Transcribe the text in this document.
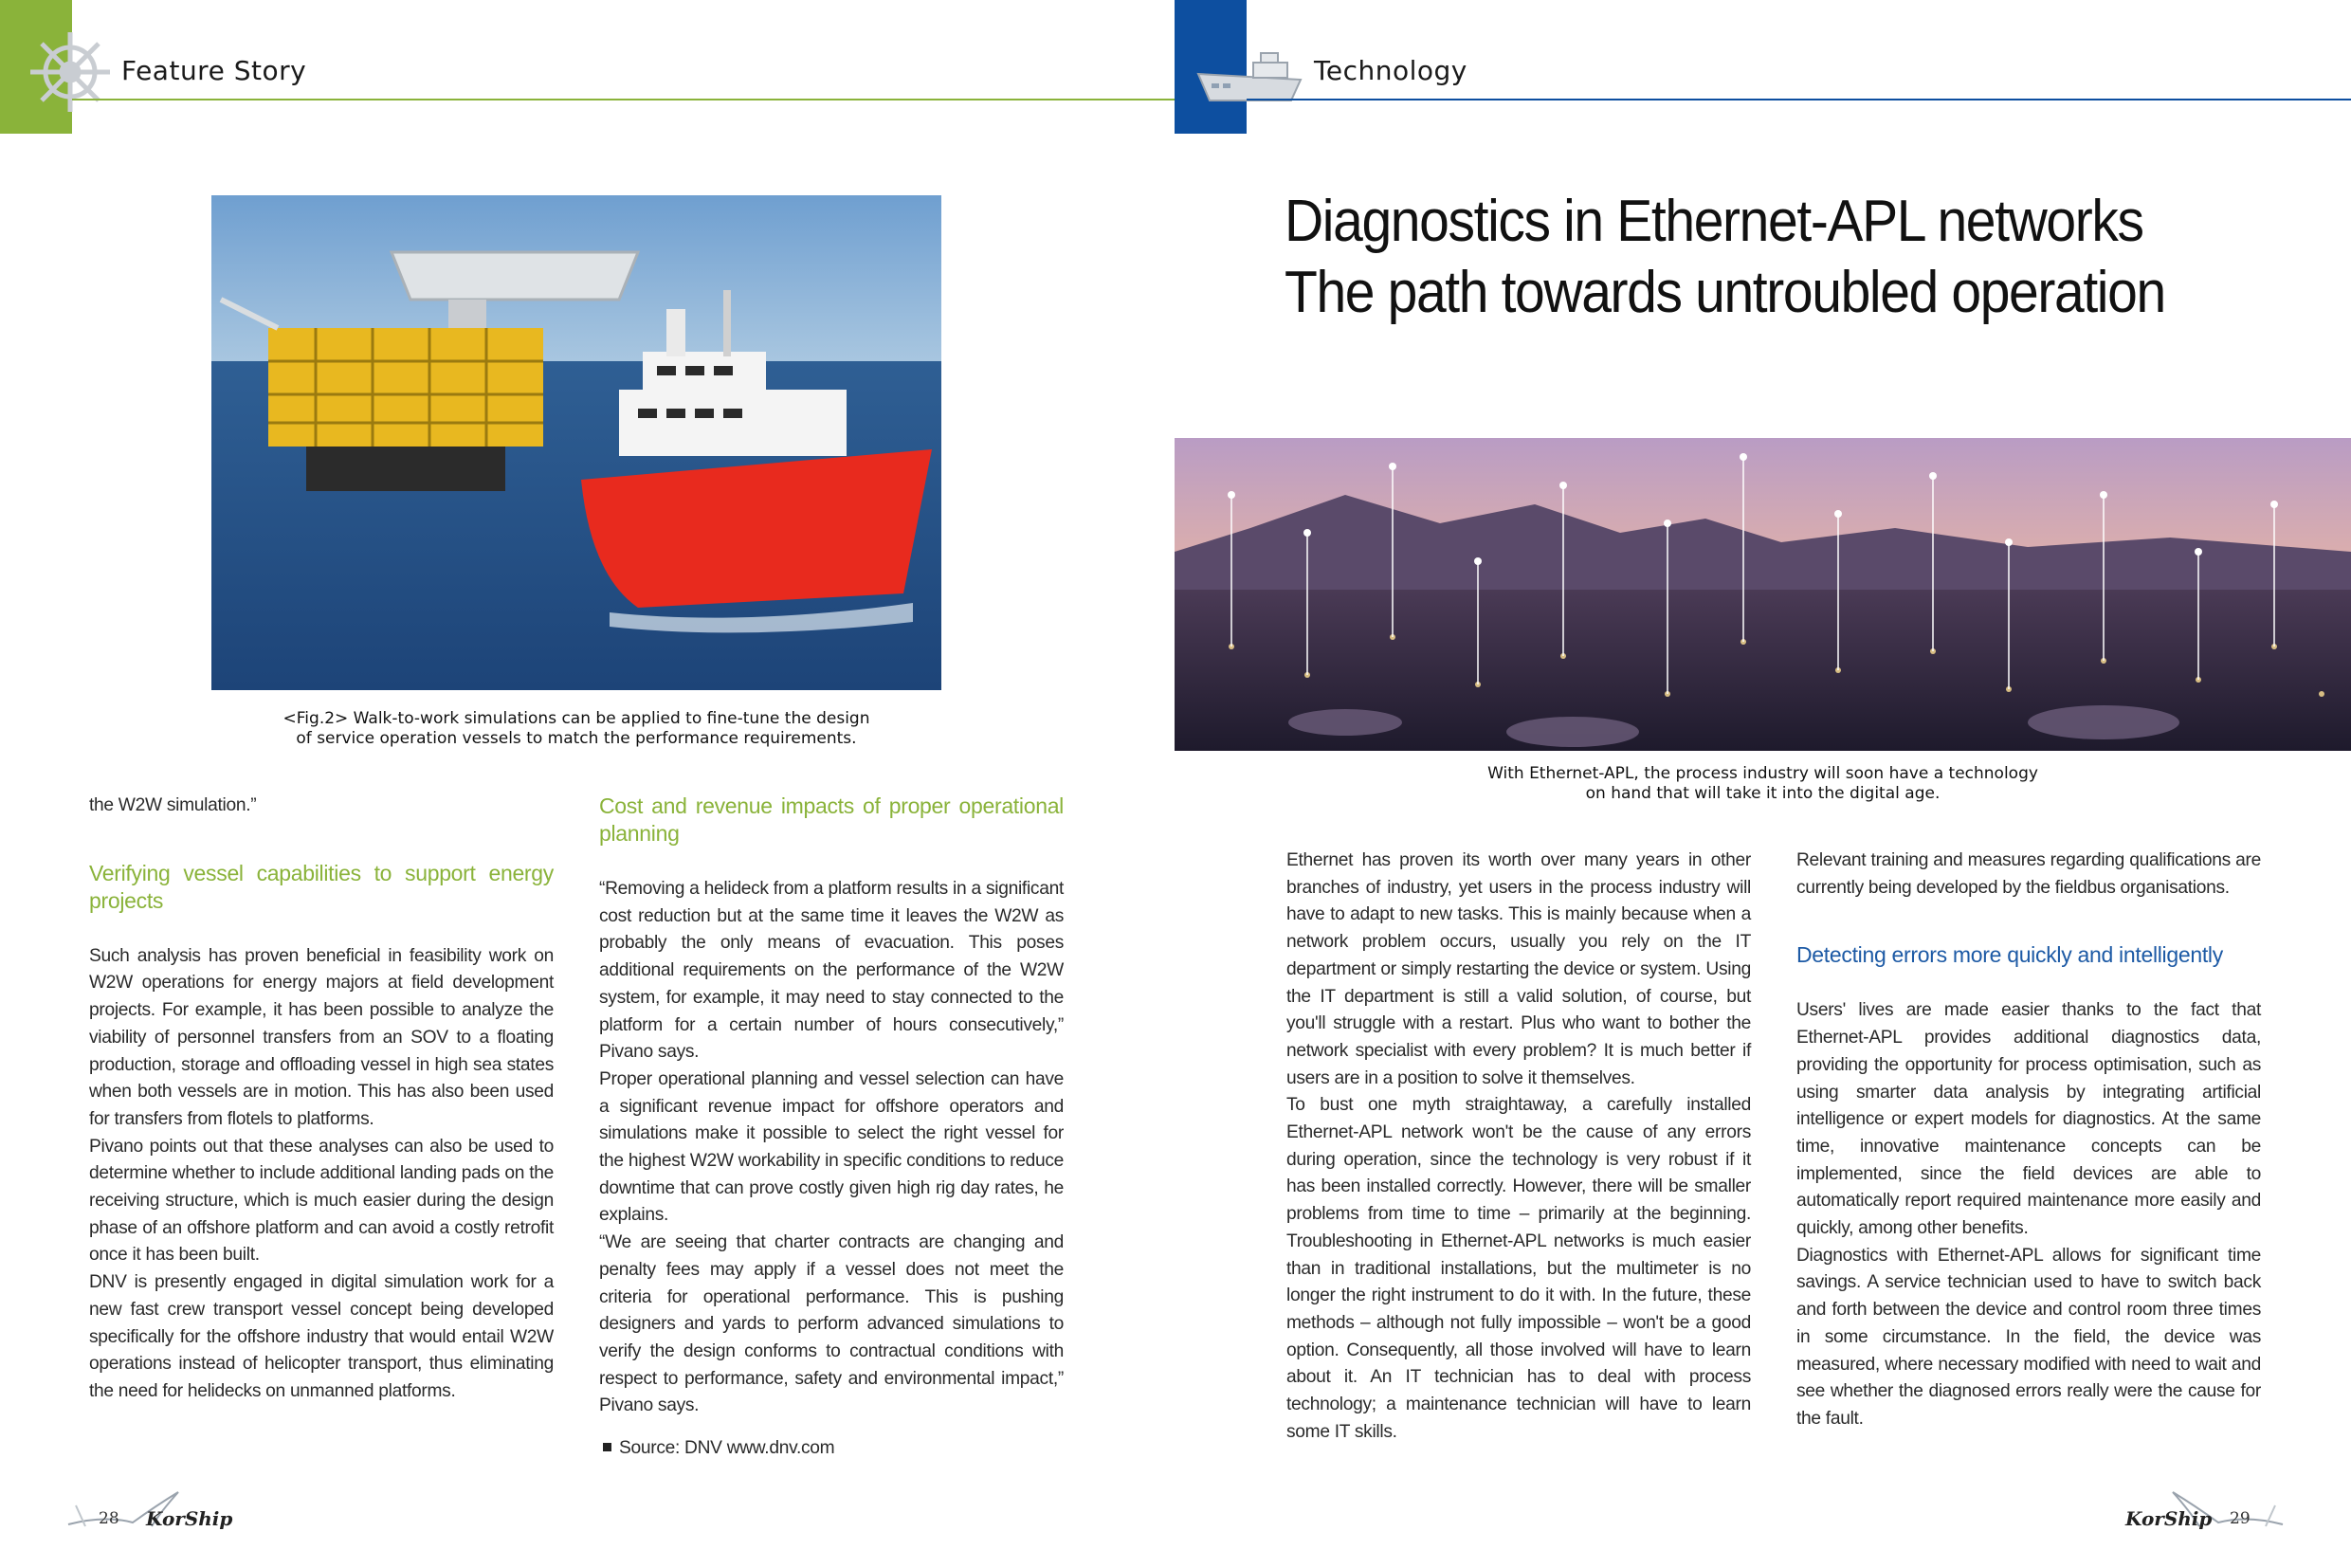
Feature Story	Technology
<Fig.2> Walk-to-work simulations can be applied to fine-tune the design
of service operation vessels to match the performance requirements.

the W2W simulation.”

Verifying vessel capabilities to support energy projects

Such analysis has proven beneficial in feasibility work on W2W operations for energy majors at field development projects. For example, it has been possible to analyze the viability of personnel transfers from an SOV to a floating production, storage and offloading vessel in high sea states when both vessels are in motion. This has also been used for transfers from flotels to platforms.

Pivano points out that these analyses can also be used to determine whether to include additional landing pads on the receiving structure, which is much easier during the design phase of an offshore platform and can avoid a costly retrofit once it has been built.

DNV is presently engaged in digital simulation work for a new fast crew transport vessel concept being developed specifically for the offshore industry that would entail W2W operations instead of helicopter transport, thus eliminating the need for helidecks on unmanned platforms.

Cost and revenue impacts of proper operational planning

“Removing a helideck from a platform results in a significant cost reduction but at the same time it leaves the W2W as probably the only means of evacuation. This poses additional requirements on the performance of the W2W system, for example, it may need to stay connected to the platform for a certain number of hours consecutively,” Pivano says.

Proper operational planning and vessel selection can have a significant revenue impact for offshore operators and simulations make it possible to select the right vessel for the highest W2W workability in specific conditions to reduce downtime that can prove costly given high rig day rates, he explains.

“We are seeing that charter contracts are changing and penalty fees may apply if a vessel does not meet the criteria for operational performance. This is pushing designers and yards to perform advanced simulations to verify the design conforms to contractual conditions with respect to performance, safety and environmental impact,” Pivano says.

Source: DNV www.dnv.com

Diagnostics in Ethernet-APL networks
The path towards untroubled operation
With Ethernet-APL, the process industry will soon have a technology
on hand that will take it into the digital age.

Ethernet has proven its worth over many years in other branches of industry, yet users in the process industry will have to adapt to new tasks. This is mainly because when a network problem occurs, usually you rely on the IT department or simply restarting the device or system. Using the IT department is still a valid solution, of course, but you'll struggle with a restart. Plus who want to bother the network specialist with every problem? It is much better if users are in a position to solve it themselves.

To bust one myth straightaway, a carefully installed Ethernet-APL network won't be the cause of any errors during operation, since the technology is very robust if it has been installed correctly. However, there will be smaller problems from time to time – primarily at the beginning. Troubleshooting in Ethernet-APL networks is much easier than in traditional installations, but the multimeter is no longer the right instrument to do it with. In the future, these methods – although not fully impossible – won't be a good option. Consequently, all those involved will have to learn about it. An IT technician has to deal with process technology; a maintenance technician will have to learn some IT skills.

Relevant training and measures regarding qualifications are currently being developed by the fieldbus organisations.

Detecting errors more quickly and intelligently

Users' lives are made easier thanks to the fact that Ethernet-APL provides additional diagnostics data, providing the opportunity for process optimisation, such as using smarter data analysis by integrating artificial intelligence or expert models for diagnostics. At the same time, innovative maintenance concepts can be implemented, since the field devices are able to automatically report required maintenance more easily and quickly, among other benefits.

Diagnostics with Ethernet-APL allows for significant time savings. A service technician used to have to switch back and forth between the device and control room three times in some circumstance. In the field, the device was measured, where necessary modified with need to wait and see whether the diagnosed errors really were the cause for the fault.

28 KorShip	KorShip 29
